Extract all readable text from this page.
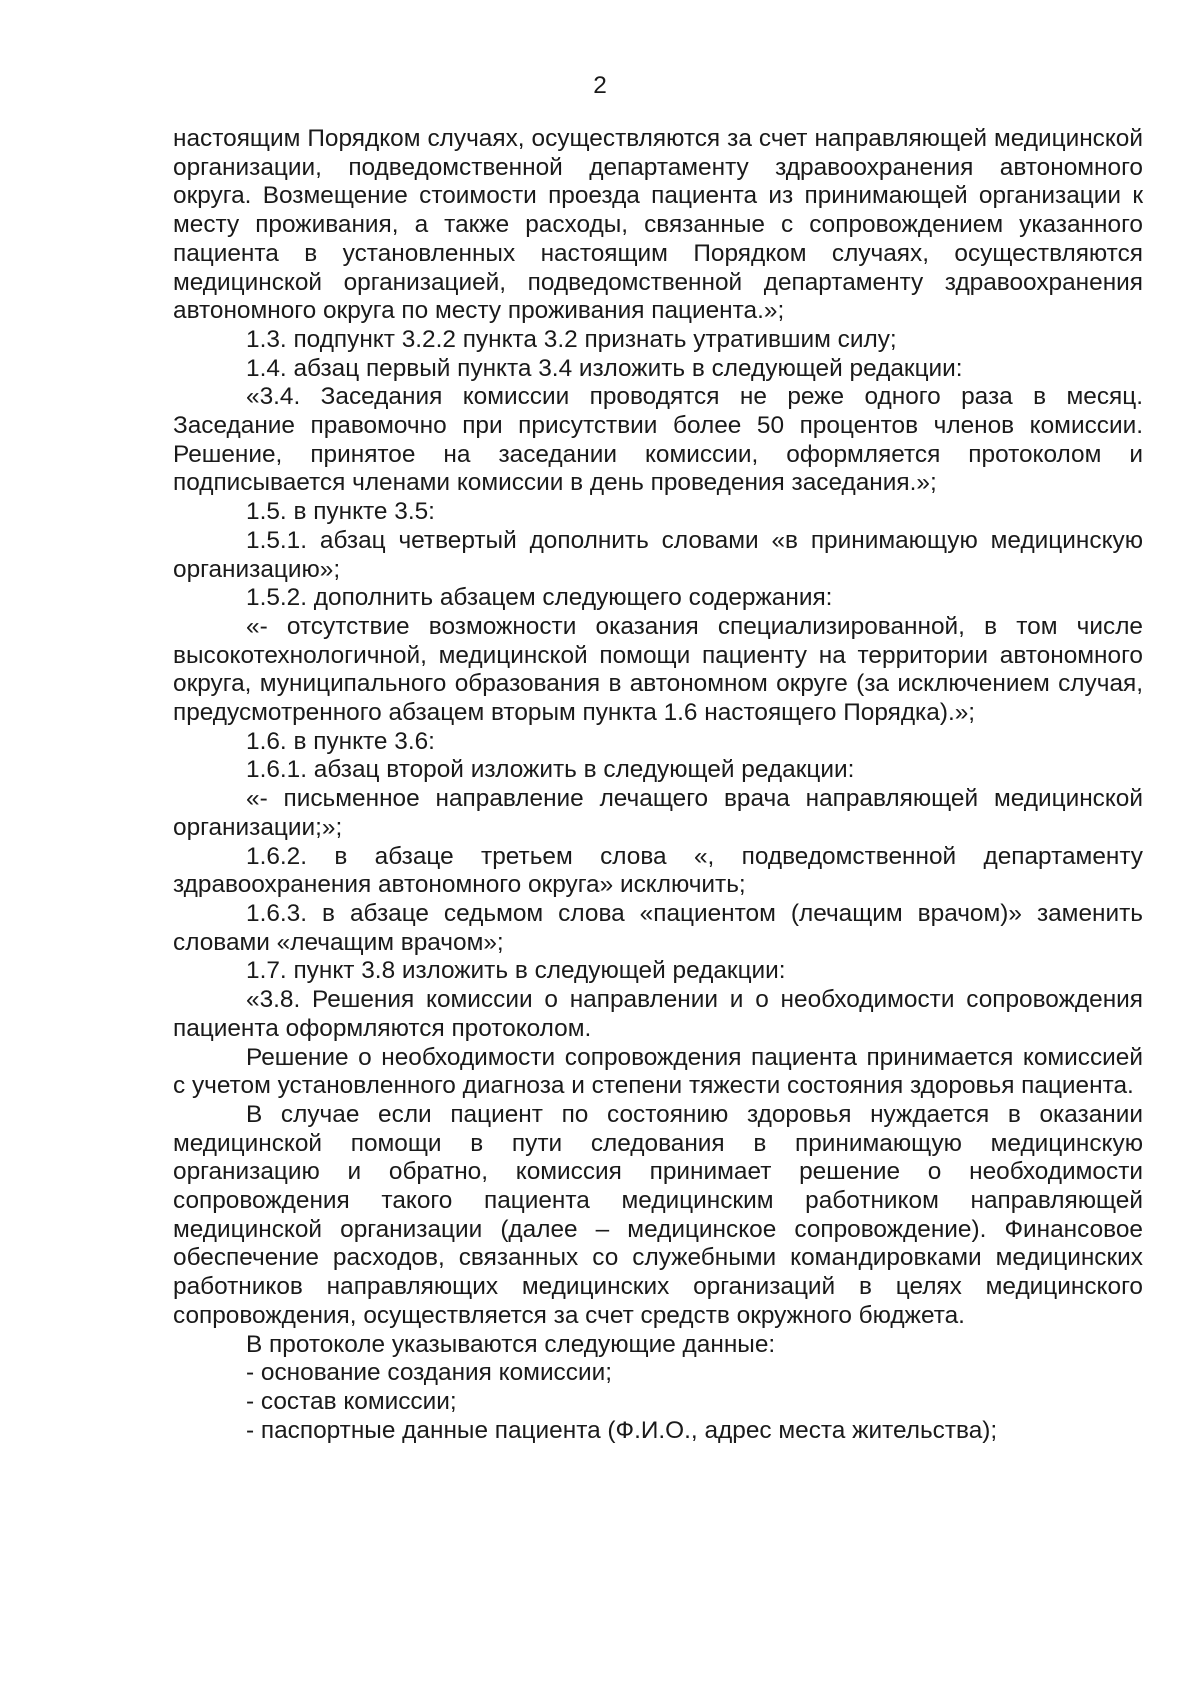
2

настоящим Порядком случаях, осуществляются за счет направляющей медицинской организации, подведомственной департаменту здравоохранения автономного округа. Возмещение стоимости проезда пациента из принимающей организации к месту проживания, а также расходы, связанные с сопровождением указанного пациента в установленных настоящим Порядком случаях, осуществляются медицинской организацией, подведомственной департаменту здравоохранения автономного округа по месту проживания пациента.»;

1.3. подпункт 3.2.2 пункта 3.2 признать утратившим силу;

1.4. абзац первый пункта 3.4 изложить в следующей редакции:

«3.4. Заседания комиссии проводятся не реже одного раза в месяц. Заседание правомочно при присутствии более 50 процентов членов комиссии. Решение, принятое на заседании комиссии, оформляется протоколом и подписывается членами комиссии в день проведения заседания.»;

1.5. в пункте 3.5:

1.5.1. абзац четвертый дополнить словами «в принимающую медицинскую организацию»;

1.5.2. дополнить абзацем следующего содержания:

«- отсутствие возможности оказания специализированной, в том числе высокотехнологичной, медицинской помощи пациенту на территории автономного округа, муниципального образования в автономном округе (за исключением случая, предусмотренного абзацем вторым пункта 1.6 настоящего Порядка).»;

1.6. в пункте 3.6:

1.6.1. абзац второй изложить в следующей редакции:

«- письменное направление лечащего врача направляющей медицинской организации;»;

1.6.2. в абзаце третьем слова «, подведомственной департаменту здравоохранения автономного округа» исключить;

1.6.3. в абзаце седьмом слова «пациентом (лечащим врачом)» заменить словами «лечащим врачом»;

1.7. пункт 3.8 изложить в следующей редакции:

«3.8. Решения комиссии о направлении и о необходимости сопровождения пациента оформляются протоколом.

Решение о необходимости сопровождения пациента принимается комиссией с учетом установленного диагноза и степени тяжести состояния здоровья пациента.

В случае если пациент по состоянию здоровья нуждается в оказании медицинской помощи в пути следования в принимающую медицинскую организацию и обратно, комиссия принимает решение о необходимости сопровождения такого пациента медицинским работником направляющей медицинской организации (далее – медицинское сопровождение). Финансовое обеспечение расходов, связанных со служебными командировками медицинских работников направляющих медицинских организаций в целях медицинского сопровождения, осуществляется за счет средств окружного бюджета.

В протоколе указываются следующие данные:

- основание создания комиссии;

- состав комиссии;

- паспортные данные пациента (Ф.И.О., адрес места жительства);
